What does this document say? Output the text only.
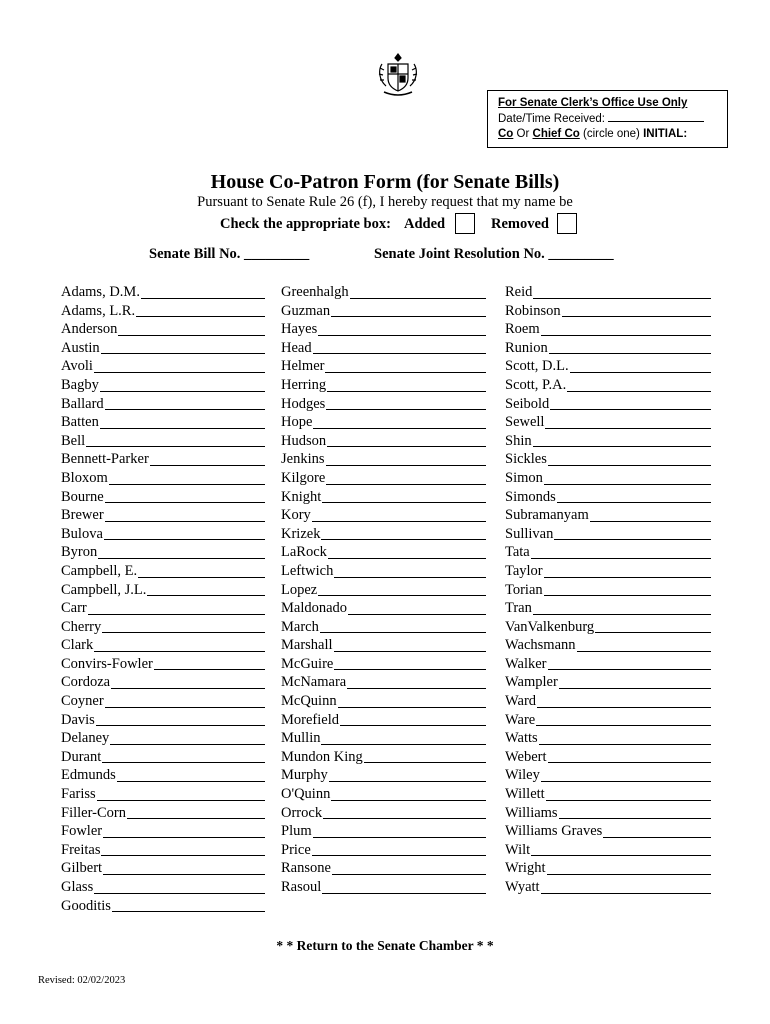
For Senate Clerk’s Office Use Only
Date/Time Received:
Co Or Chief Co (circle one) INITIAL:
House Co-Patron Form (for Senate Bills)
Pursuant to Senate Rule 26 (f), I hereby request that my name be
Check the appropriate box: Added	Removed
Senate Bill No. _________	Senate Joint Resolution No. _________
Adams, D.M.
Adams, L.R.
Anderson
Austin
Avoli
Bagby
Ballard
Batten
Bell
Bennett-Parker
Bloxom
Bourne
Brewer
Bulova
Byron
Campbell, E.
Campbell, J.L.
Carr
Cherry
Clark
Convirs-Fowler
Cordoza
Coyner
Davis
Delaney
Durant
Edmunds
Fariss
Filler-Corn
Fowler
Freitas
Gilbert
Glass
Gooditis
Greenhalgh
Guzman
Hayes
Head
Helmer
Herring
Hodges
Hope
Hudson
Jenkins
Kilgore
Knight
Kory
Krizek
LaRock
Leftwich
Lopez
Maldonado
March
Marshall
McGuire
McNamara
McQuinn
Morefield
Mullin
Mundon King
Murphy
O'Quinn
Orrock
Plum
Price
Ransone
Rasoul
Reid
Robinson
Roem
Runion
Scott, D.L.
Scott, P.A.
Seibold
Sewell
Shin
Sickles
Simon
Simonds
Subramanyam
Sullivan
Tata
Taylor
Torian
Tran
VanValkenburg
Wachsmann
Walker
Wampler
Ward
Ware
Watts
Webert
Wiley
Willett
Williams
Williams Graves
Wilt
Wright
Wyatt
* * Return to the Senate Chamber * *
Revised: 02/02/2023
